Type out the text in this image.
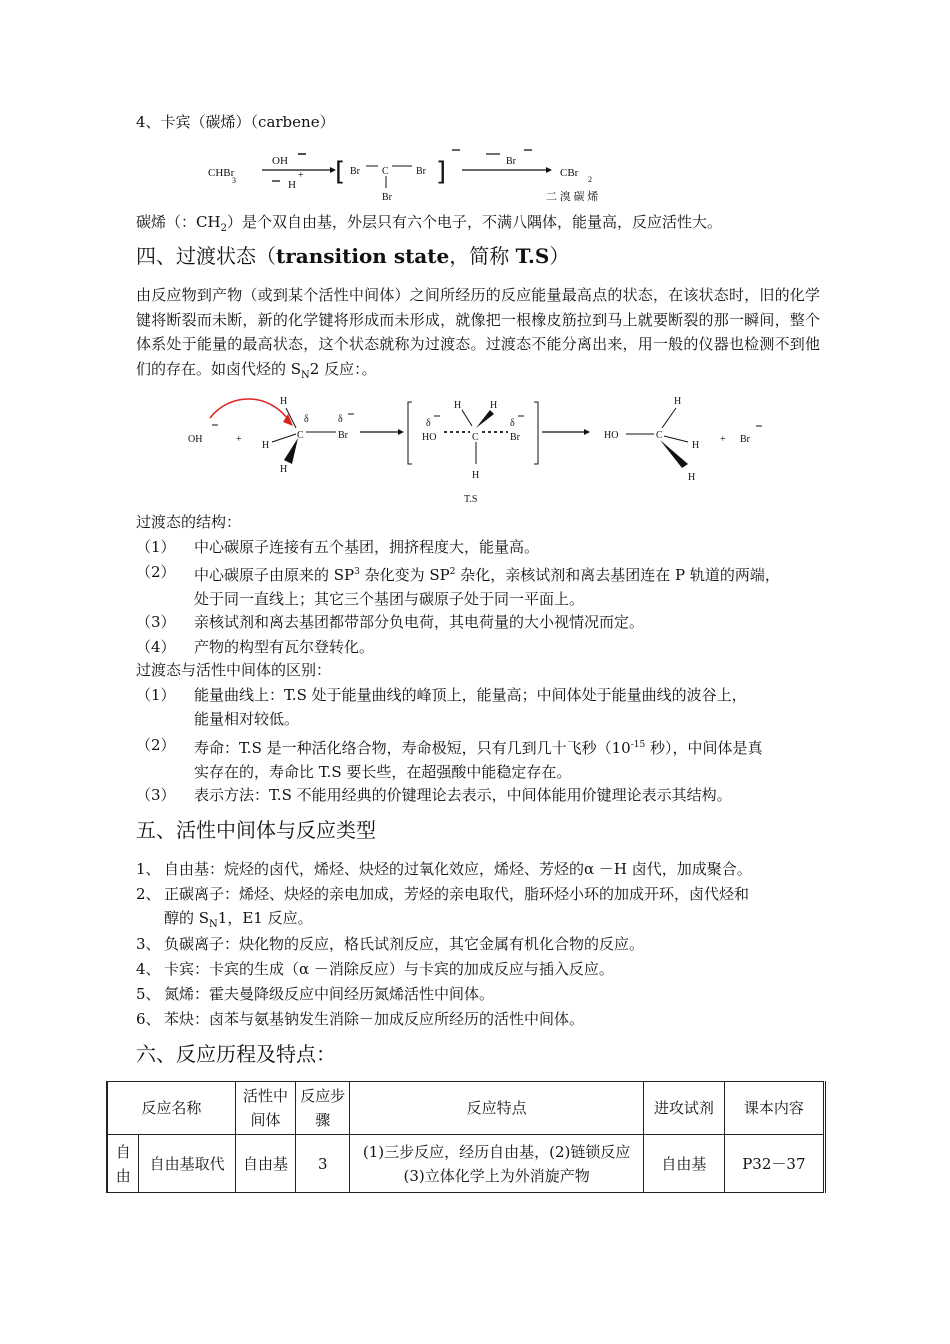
4、卡宾（碳烯）（carbene）
CHBr
3
OH
H
+ [ Br C	Br
Br
]	Br
CBr
2
二 溴 碳 烯
碳烯（：$CH_2$）是个双自由基，外层只有六个电子，不满八隅体，能量高，反应活性大。
四、过渡状态（transition state，简称 T.S）
由反应物到产物（或到某个活性中间体）之间所经历的反应能量最高点的状态，在该状态时，旧的化学键将断裂而未断，新的化学键将形成而未形成，就像把一根橡皮筋拉到马上就要断裂的那一瞬间，整个体系处于能量的最高状态，这个状态就称为过渡态。过渡态不能分离出来，用一般的仪器也检测不到他们的存在。如卤代烃的 $S_N2$ 反应：。
OH	+
H
H
H
C
δ	δ
Br
H	H
δ
HO	C
δ
Br
H
T.S
HO	C
H
H
H
+ Br
过渡态的结构：
（1）	中心碳原子连接有五个基团，拥挤程度大，能量高。
（2）	中心碳原子由原来的 $SP^3$ 杂化变为 $SP^2$ 杂化，亲核试剂和离去基团连在 P 轨道的两端，
处于同一直线上；其它三个基团与碳原子处于同一平面上。
（3）	亲核试剂和离去基团都带部分负电荷，其电荷量的大小视情况而定。
（4）	产物的构型有瓦尔登转化。
过渡态与活性中间体的区别：
（1）	能量曲线上：T.S 处于能量曲线的峰顶上，能量高；中间体处于能量曲线的波谷上，
能量相对较低。
（2）	寿命：T.S 是一种活化络合物，寿命极短，只有几到几十飞秒（$10^{-15}$ 秒），中间体是真
实存在的，寿命比 T.S 要长些，在超强酸中能稳定存在。
（3）	表示方法：T.S 不能用经典的价键理论去表示，中间体能用价键理论表示其结构。
五、活性中间体与反应类型
1、 自由基：烷烃的卤代，烯烃、炔烃的过氧化效应，烯烃、芳烃的α －H 卤代，加成聚合。
2、 正碳离子：烯烃、炔烃的亲电加成，芳烃的亲电取代，脂环烃小环的加成开环，卤代烃和
醇的 $S_N1$，E1 反应。
3、 负碳离子：炔化物的反应，格氏试剂反应，其它金属有机化合物的反应。
4、 卡宾：卡宾的生成（α －消除反应）与卡宾的加成反应与插入反应。
5、 氮烯：霍夫曼降级反应中间经历氮烯活性中间体。
6、 苯炔：卤苯与氨基钠发生消除－加成反应所经历的活性中间体。
六、反应历程及特点：
反应名称		活性中间体	反应步骤	反应特点	进攻试剂	课本内容
自由	自由基取代	自由基	3	(1)三步反应，经历自由基，(2)链锁反应(3)立体化学上为外消旋产物	自由基	P32－37
